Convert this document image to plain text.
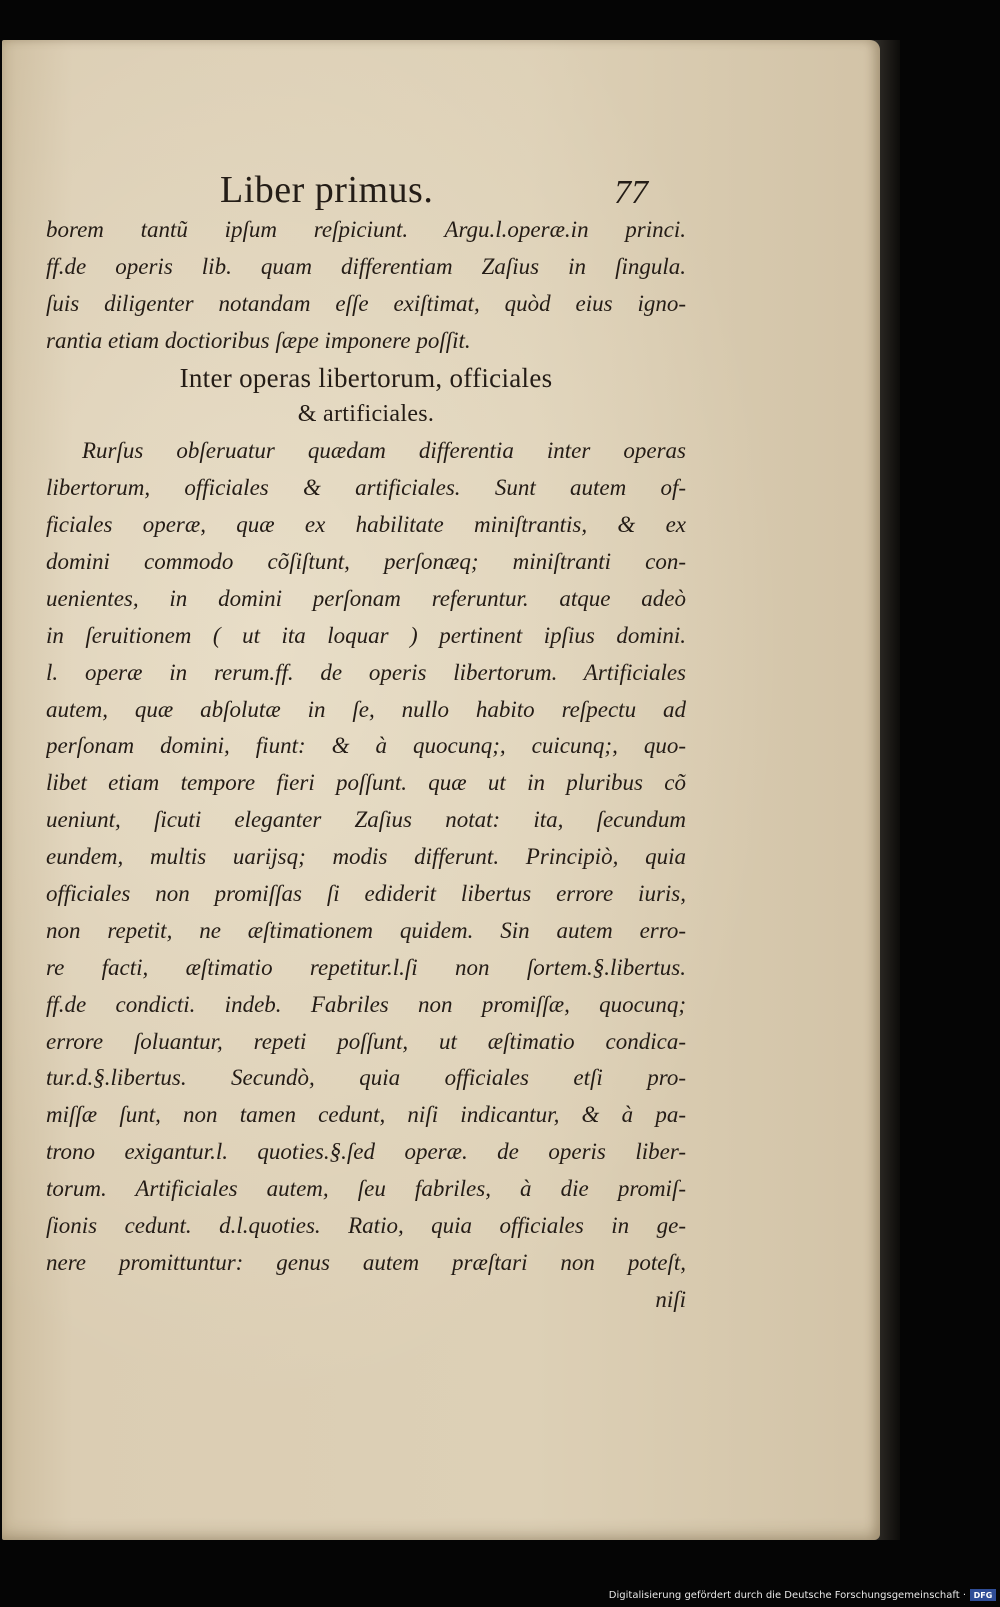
Liber primus.	77
borem tantũ ipſum reſpiciunt. Argu.l.operæ.in princi.
ff.de operis lib. quam differentiam Zaſius in ſingula.
ſuis diligenter notandam eſſe exiſtimat, quòd eius igno-
rantia etiam doctioribus ſæpe imponere poſſit.
Inter operas libertorum, officiales
& artificiales.
Rurſus obſeruatur quædam differentia inter operas
libertorum, officiales & artificiales. Sunt autem of-
ficiales operæ, quæ ex habilitate miniſtrantis, & ex
domini commodo cõſiſtunt, perſonæq; miniſtranti con-
uenientes, in domini perſonam referuntur. atque adeò
in ſeruitionem ( ut ita loquar ) pertinent ipſius domini.
l. operæ in rerum.ff. de operis libertorum. Artificiales
autem, quæ abſolutæ in ſe, nullo habito reſpectu ad
perſonam domini, fiunt: & à quocunq;, cuicunq;, quo-
libet etiam tempore fieri poſſunt. quæ ut in pluribus cõ
ueniunt, ſicuti eleganter Zaſius notat: ita, ſecundum
eundem, multis uarijsq; modis differunt. Principiò, quia
officiales non promiſſas ſi ediderit libertus errore iuris,
non repetit, ne æſtimationem quidem. Sin autem erro-
re facti, æſtimatio repetitur.l.ſi non ſortem.§.libertus.
ff.de condicti. indeb. Fabriles non promiſſæ, quocunq;
errore ſoluantur, repeti poſſunt, ut æſtimatio condica-
tur.d.§.libertus. Secundò, quia officiales etſi pro-
miſſæ ſunt, non tamen cedunt, niſi indicantur, & à pa-
trono exigantur.l. quoties.§.ſed operæ. de operis liber-
torum. Artificiales autem, ſeu fabriles, à die promiſ-
ſionis cedunt. d.l.quoties. Ratio, quia officiales in ge-
nere promittuntur: genus autem præſtari non poteſt,
niſi
Digitalisierung gefördert durch die Deutsche Forschungsgemeinschaft · DFG
